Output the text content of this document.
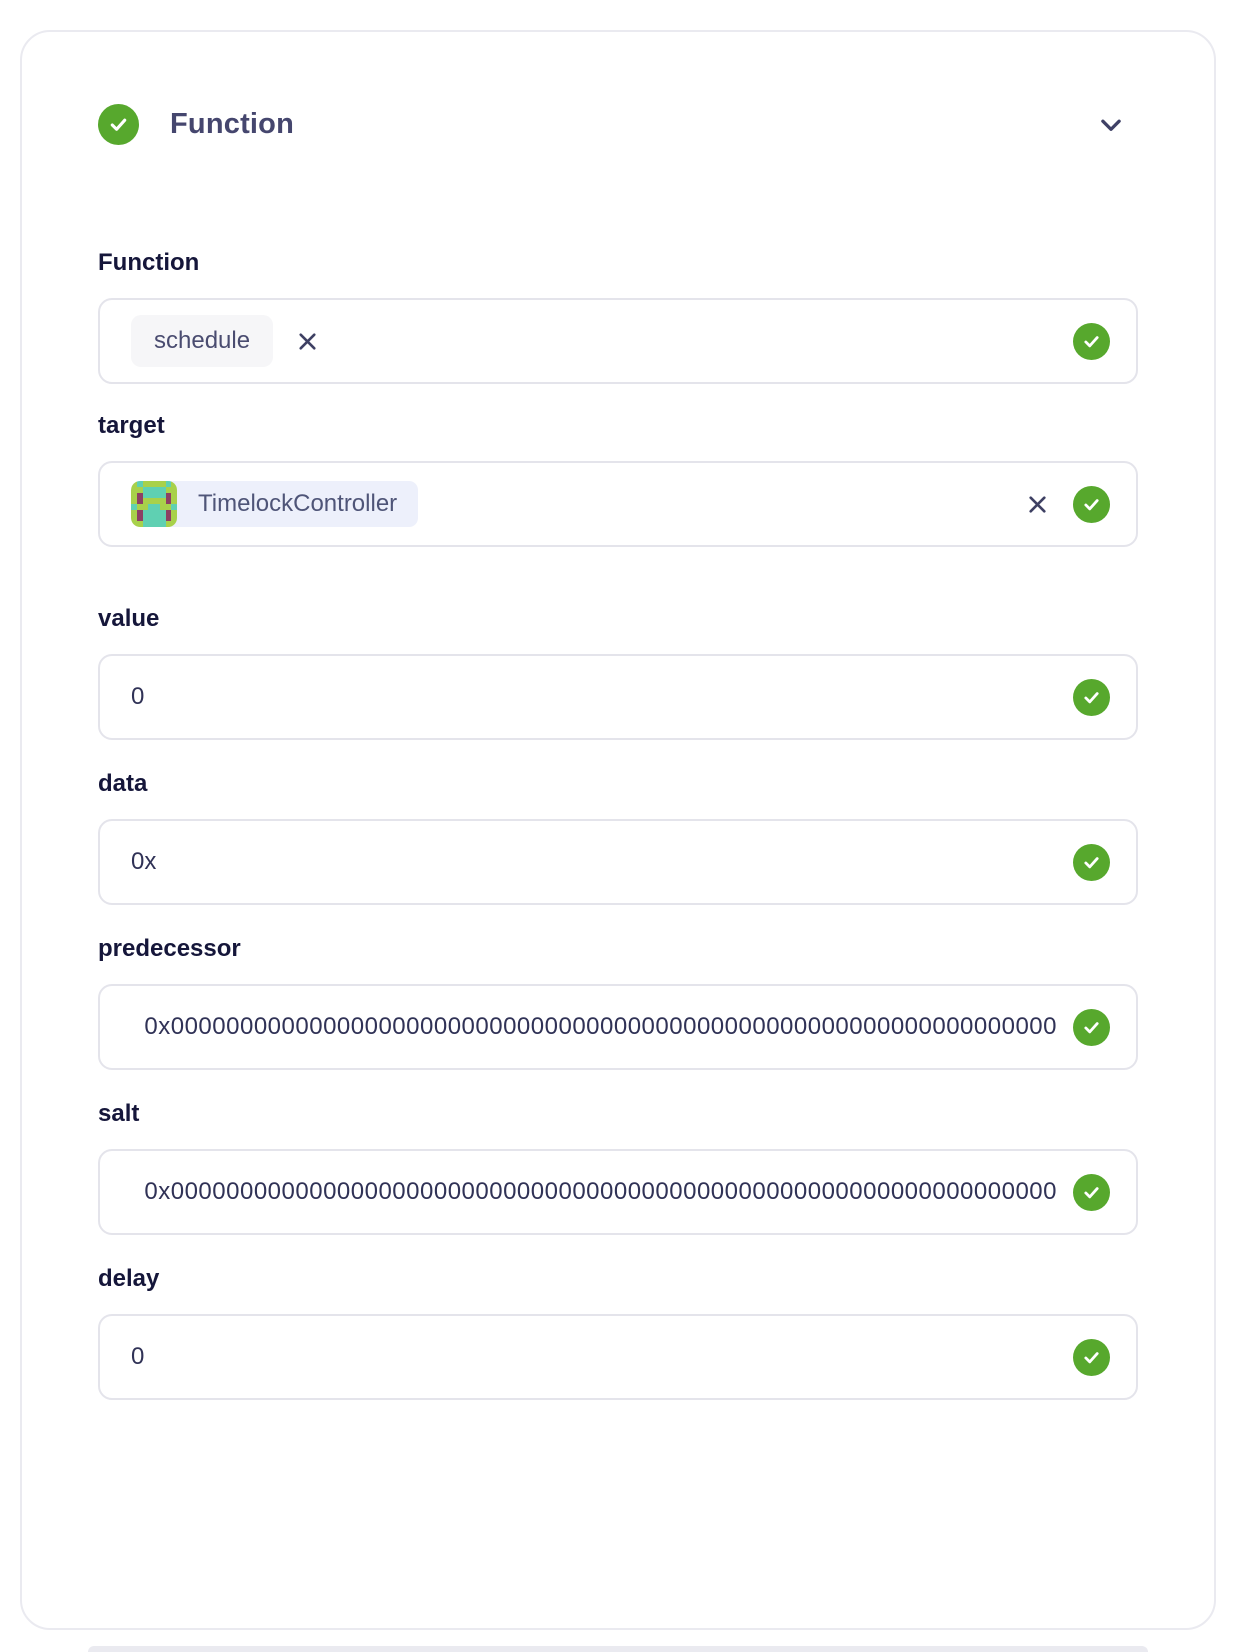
Function
Function
schedule
target
TimelockController
value
0
data
0x
predecessor
0x0000000000000000000000000000000000000000000000000000000000000000
salt
0x0000000000000000000000000000000000000000000000000000000000000000
delay
0
